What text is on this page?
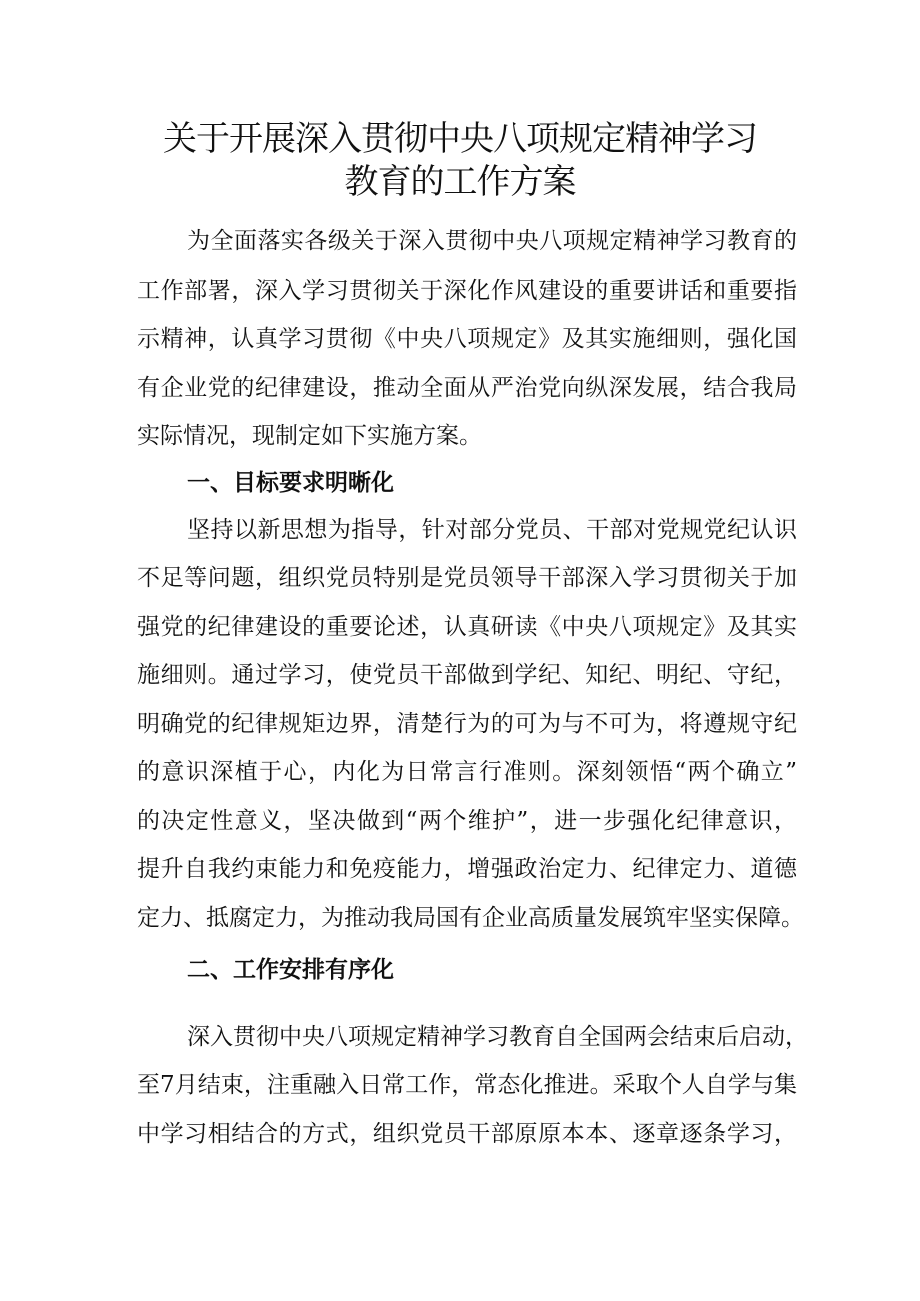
关于开展深入贯彻中央八项规定精神学习
教育的工作方案
为全面落实各级关于深入贯彻中央八项规定精神学习教育的
工作部署，深入学习贯彻关于深化作风建设的重要讲话和重要指
示精神，认真学习贯彻《中央八项规定》及其实施细则，强化国
有企业党的纪律建设，推动全面从严治党向纵深发展，结合我局
实际情况，现制定如下实施方案。
一、目标要求明晰化
坚持以新思想为指导，针对部分党员、干部对党规党纪认识
不足等问题，组织党员特别是党员领导干部深入学习贯彻关于加
强党的纪律建设的重要论述，认真研读《中央八项规定》及其实
施细则。通过学习，使党员干部做到学纪、知纪、明纪、守纪，
明确党的纪律规矩边界，清楚行为的可为与不可为，将遵规守纪
的意识深植于心，内化为日常言行准则。深刻领悟“两个确立”
的决定性意义，坚决做到“两个维护”，进一步强化纪律意识，
提升自我约束能力和免疫能力，增强政治定力、纪律定力、道德
定力、抵腐定力，为推动我局国有企业高质量发展筑牢坚实保障。
二、工作安排有序化
深入贯彻中央八项规定精神学习教育自全国两会结束后启动，
至7月结束，注重融入日常工作，常态化推进。采取个人自学与集
中学习相结合的方式，组织党员干部原原本本、逐章逐条学习，
